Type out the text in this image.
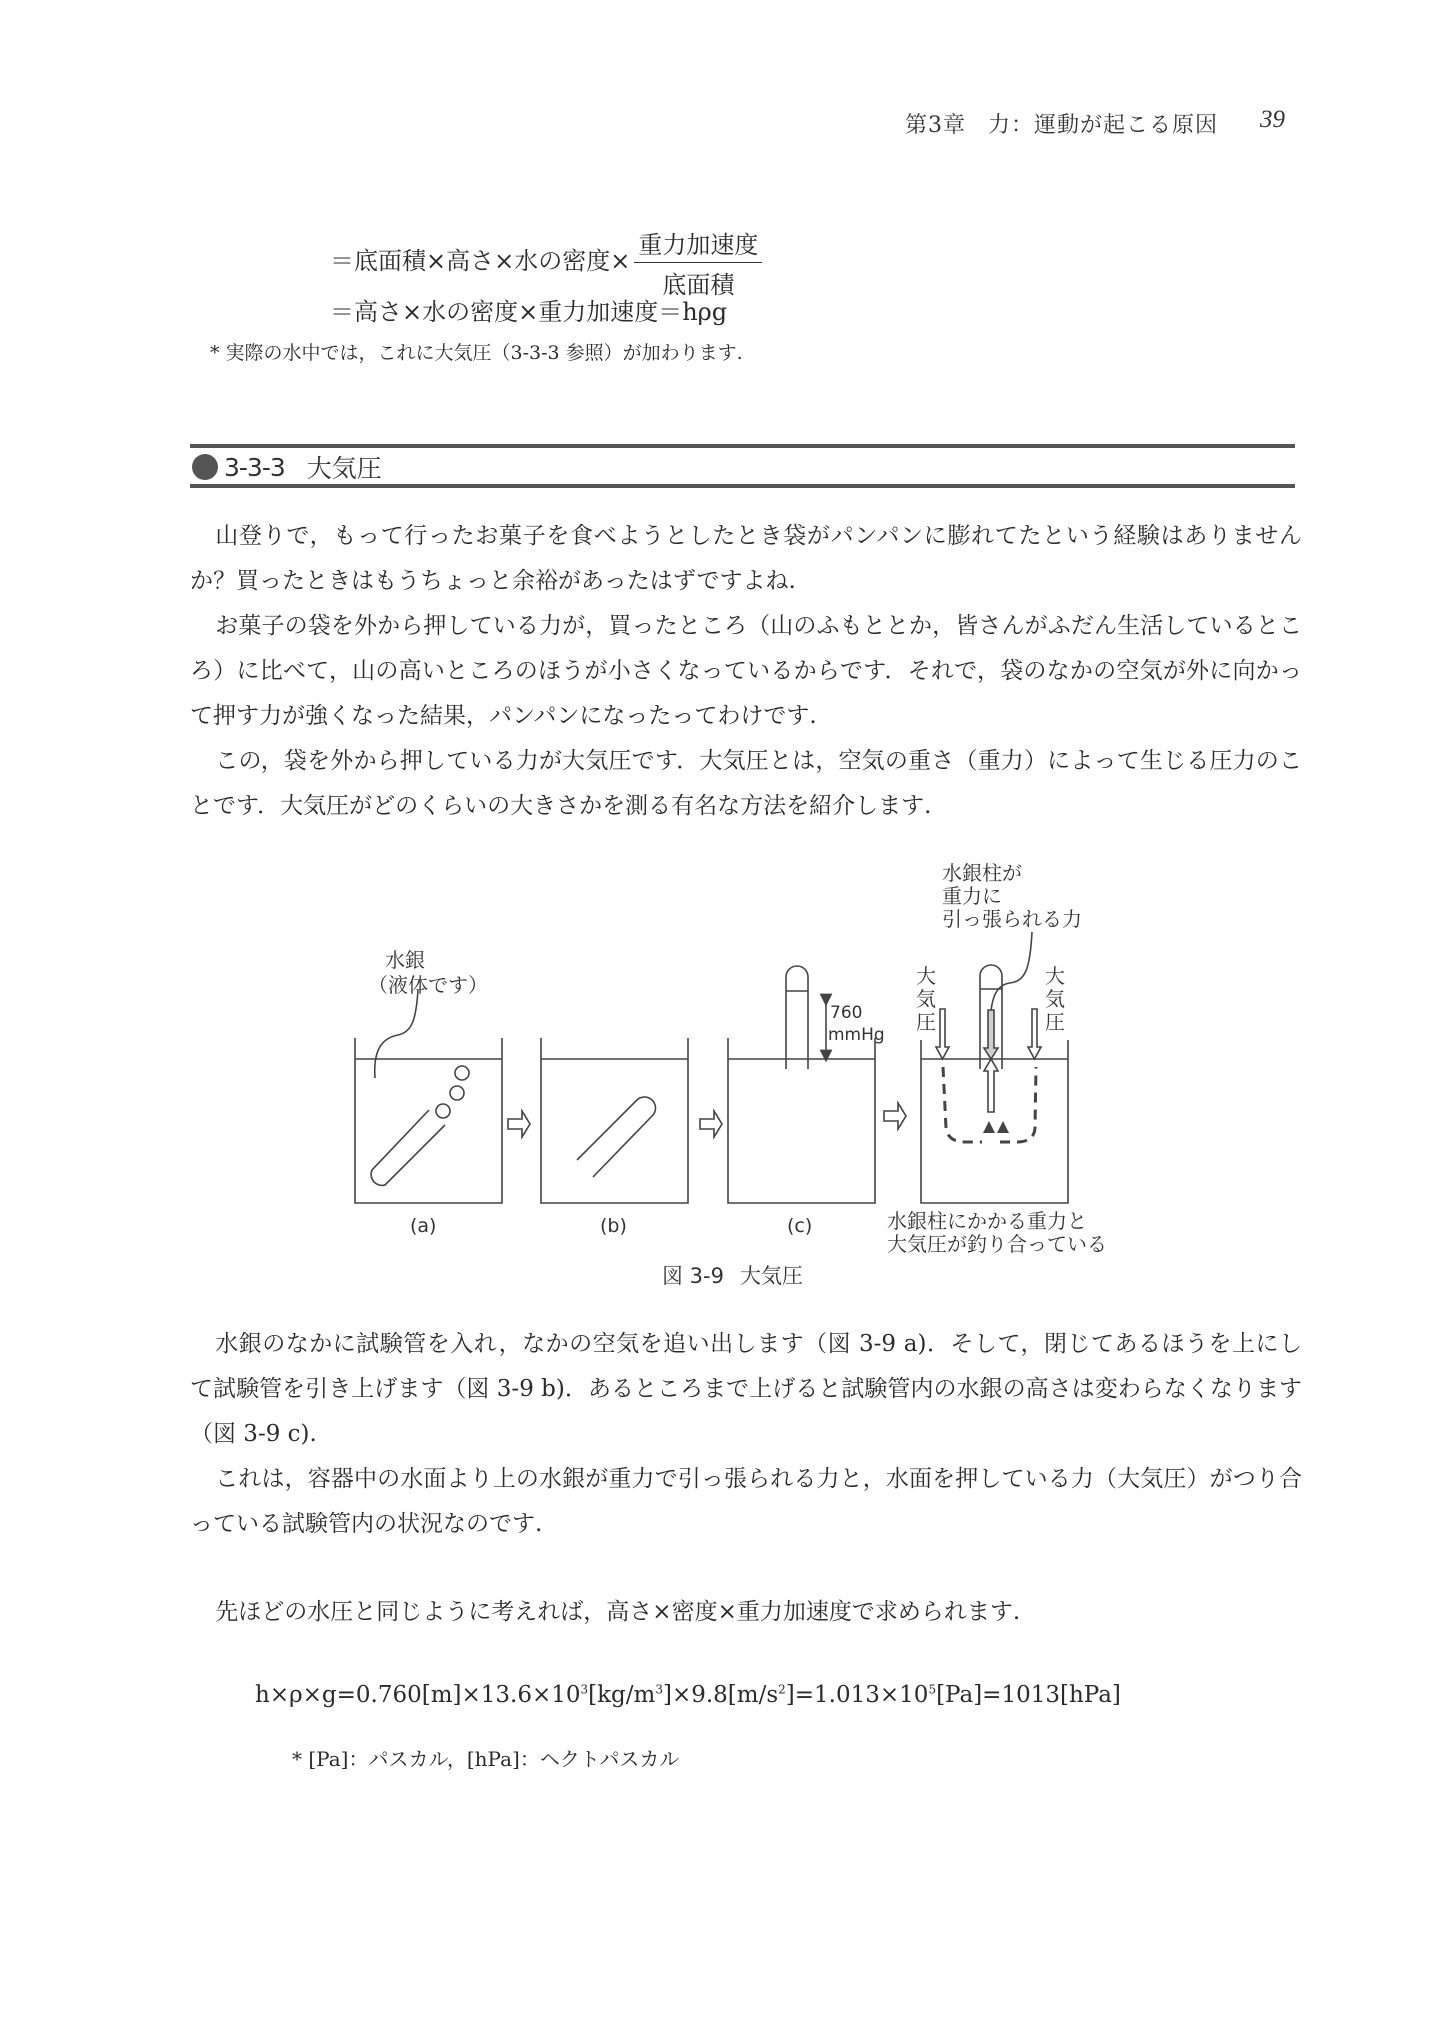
第3章 力：運動が起こる原因 39
＝底面積×高さ×水の密度× $\frac{\text{重力加速度}}{\text{底面積}}$
＝高さ×水の密度×重力加速度＝hρg
* 実際の水中では，これに大気圧（3-3-3 参照）が加わります.
3-3-3 大気圧

山登りで，もって行ったお菓子を食べようとしたとき袋がパンパンに膨れてたという経験はありませんか？買ったときはもうちょっと余裕があったはずですよね.

お菓子の袋を外から押している力が，買ったところ（山のふもととか，皆さんがふだん生活しているところ）に比べて，山の高いところのほうが小さくなっているからです．それで，袋のなかの空気が外に向かって押す力が強くなった結果，パンパンになったってわけです.

この，袋を外から押している力が大気圧です．大気圧とは，空気の重さ（重力）によって生じる圧力のことです．大気圧がどのくらいの大きさかを測る有名な方法を紹介します.

水銀
（液体です）
水銀柱が
重力に
引っ張られる力
大
気
圧
大
気
圧
760
mmHg
(a)	(b)	(c)	水銀柱にかかる重力と
大気圧が釣り合っている
図 3-9 大気圧

水銀のなかに試験管を入れ，なかの空気を追い出します（図 3-9 a)．そして，閉じてあるほうを上にして試験管を引き上げます（図 3-9 b)．あるところまで上げると試験管内の水銀の高さは変わらなくなります（図 3-9 c).

これは，容器中の水面より上の水銀が重力で引っ張られる力と，水面を押している力（大気圧）がつり合っている試験管内の状況なのです.

先ほどの水圧と同じように考えれば，高さ×密度×重力加速度で求められます.

$h\times\rho\times g=0.760[m]\times 13.6\times 10^3[kg/m^3]\times 9.8[m/s^2]=1.013\times 10^5[Pa]=1013[hPa]$
* [Pa]：パスカル，[hPa]：ヘクトパスカル
